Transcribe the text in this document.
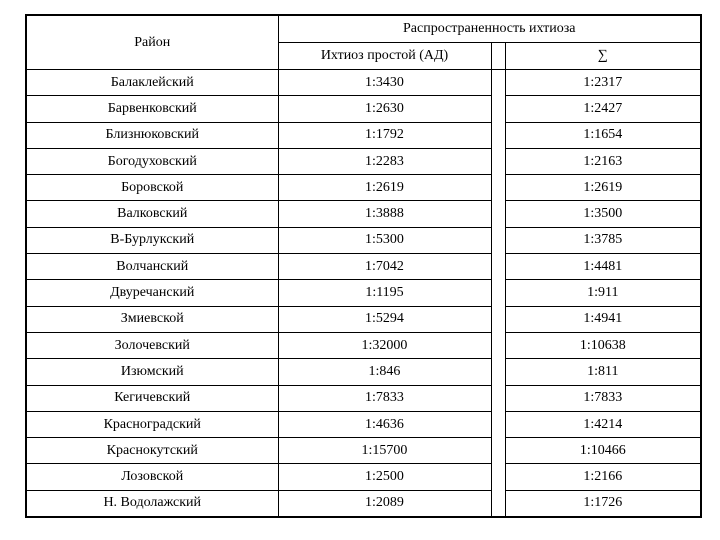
Район	Распространенность ихтиоза		
	Ихтиоз простой (АД)		∑
Балаклейский	1:3430		1:2317
Барвенковский	1:2630		1:2427
Близнюковский	1:1792		1:1654
Богодуховский	1:2283		1:2163
Боровской	1:2619		1:2619
Валковский	1:3888		1:3500
В-Бурлукский	1:5300		1:3785
Волчанский	1:7042		1:4481
Двуречанский	1:1195		1:911
Змиевской	1:5294		1:4941
Золочевский	1:32000		1:10638
Изюмский	1:846		1:811
Кегичевский	1:7833		1:7833
Красноградский	1:4636		1:4214
Краснокутский	1:15700		1:10466
Лозовской	1:2500		1:2166
Н. Водолажский	1:2089		1:1726
